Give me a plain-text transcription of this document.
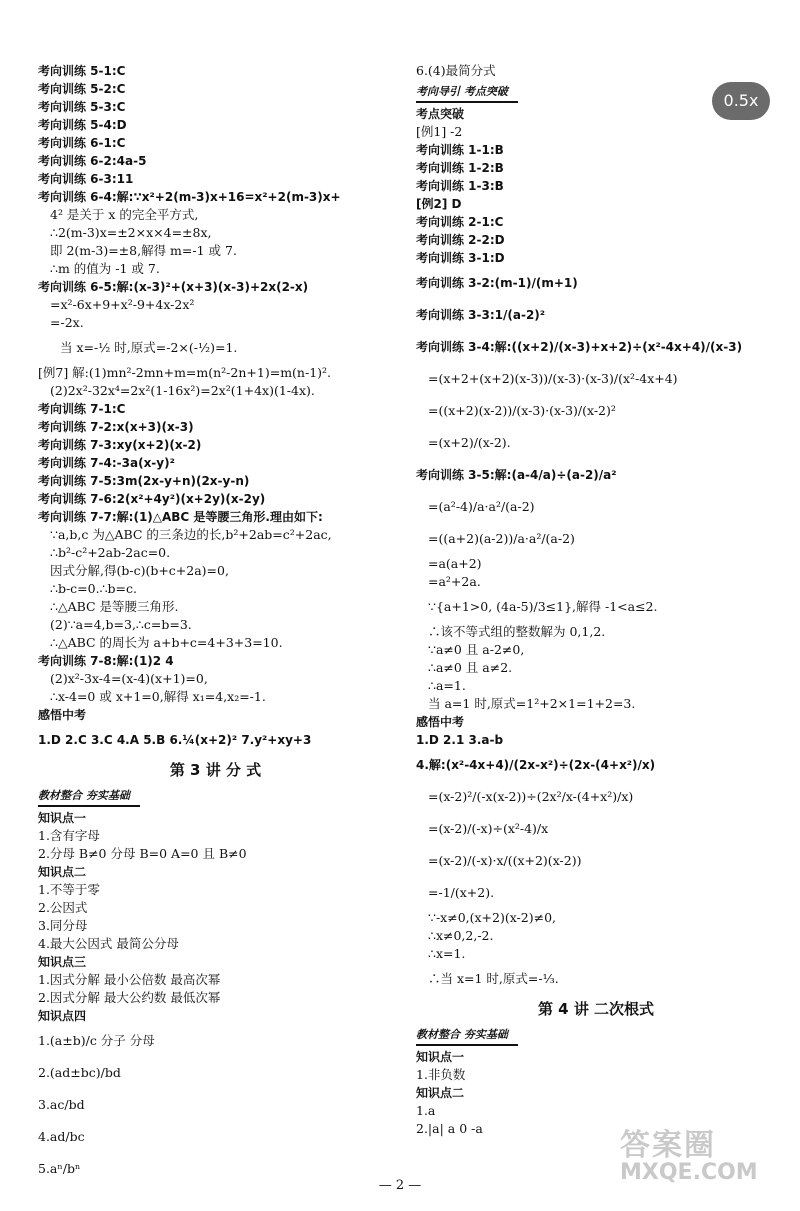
考向训练 5-1:C
考向训练 5-2:C
考向训练 5-3:C
考向训练 5-4:D
考向训练 6-1:C
考向训练 6-2:4a-5
考向训练 6-3:11
考向训练 6-4:解:∵x²+2(m-3)x+16=x²+2(m-3)x+
4² 是关于 x 的完全平方式,
∴2(m-3)x=±2×x×4=±8x,
即 2(m-3)=±8,解得 m=-1 或 7.
∴m 的值为 -1 或 7.
考向训练 6-5:解:(x-3)²+(x+3)(x-3)+2x(2-x)
=x²-6x+9+x²-9+4x-2x²
=-2x.
当 x=-½ 时,原式=-2×(-½)=1.
[例7] 解:(1)mn²-2mn+m=m(n²-2n+1)=m(n-1)².
(2)2x²-32x⁴=2x²(1-16x²)=2x²(1+4x)(1-4x).
考向训练 7-1:C
考向训练 7-2:x(x+3)(x-3)
考向训练 7-3:xy(x+2)(x-2)
考向训练 7-4:-3a(x-y)²
考向训练 7-5:3m(2x-y+n)(2x-y-n)
考向训练 7-6:2(x²+4y²)(x+2y)(x-2y)
考向训练 7-7:解:(1)△ABC 是等腰三角形.理由如下:
∵a,b,c 为△ABC 的三条边的长,b²+2ab=c²+2ac,
∴b²-c²+2ab-2ac=0.
因式分解,得(b-c)(b+c+2a)=0,
∴b-c=0.∴b=c.
∴△ABC 是等腰三角形.
(2)∵a=4,b=3,∴c=b=3.
∴△ABC 的周长为 a+b+c=4+3+3=10.
考向训练 7-8:解:(1)2 4
(2)x²-3x-4=(x-4)(x+1)=0,
∴x-4=0 或 x+1=0,解得 x₁=4,x₂=-1.
感悟中考
1.D 2.C 3.C 4.A 5.B 6.¼(x+2)² 7.y²+xy+3
第 3 讲 分 式
教材整合 夯实基础
知识点一
1.含有字母
2.分母 B≠0 分母 B=0 A=0 且 B≠0
知识点二
1.不等于零
2.公因式
3.同分母
4.最大公因式 最简公分母
知识点三
1.因式分解 最小公倍数 最高次幂
2.因式分解 最大公约数 最低次幂
知识点四
1.(a±b)/c 分子 分母
2.(ad±bc)/bd
3.ac/bd
4.ad/bc
5.aⁿ/bⁿ
6.(4)最简分式
考向导引 考点突破
考点突破
[例1] -2
考向训练 1-1:B
考向训练 1-2:B
考向训练 1-3:B
[例2] D
考向训练 2-1:C
考向训练 2-2:D
考向训练 3-1:D
考向训练 3-2:(m-1)/(m+1)
考向训练 3-3:1/(a-2)²
考向训练 3-4:解:((x+2)/(x-3)+x+2)÷(x²-4x+4)/(x-3)
=(x+2+(x+2)(x-3))/(x-3)·(x-3)/(x²-4x+4)
=((x+2)(x-2))/(x-3)·(x-3)/(x-2)²
=(x+2)/(x-2).
考向训练 3-5:解:(a-4/a)÷(a-2)/a²
=(a²-4)/a·a²/(a-2)
=((a+2)(a-2))/a·a²/(a-2)
=a(a+2)
=a²+2a.
∵{a+1>0, (4a-5)/3≤1},解得 -1<a≤2.
∴该不等式组的整数解为 0,1,2.
∵a≠0 且 a-2≠0,
∴a≠0 且 a≠2.
∴a=1.
当 a=1 时,原式=1²+2×1=1+2=3.
感悟中考
1.D 2.1 3.a-b
4.解:(x²-4x+4)/(2x-x²)÷(2x-(4+x²)/x)
=(x-2)²/(-x(x-2))÷(2x²/x-(4+x²)/x)
=(x-2)/(-x)÷(x²-4)/x
=(x-2)/(-x)·x/((x+2)(x-2))
=-1/(x+2).
∵-x≠0,(x+2)(x-2)≠0,
∴x≠0,2,-2.
∴x=1.
∴当 x=1 时,原式=-⅓.
第 4 讲 二次根式
教材整合 夯实基础
知识点一
1.非负数
知识点二
1.a
2.|a| a 0 -a
0.5x
— 2 —
答案圈
MXQE.COM
